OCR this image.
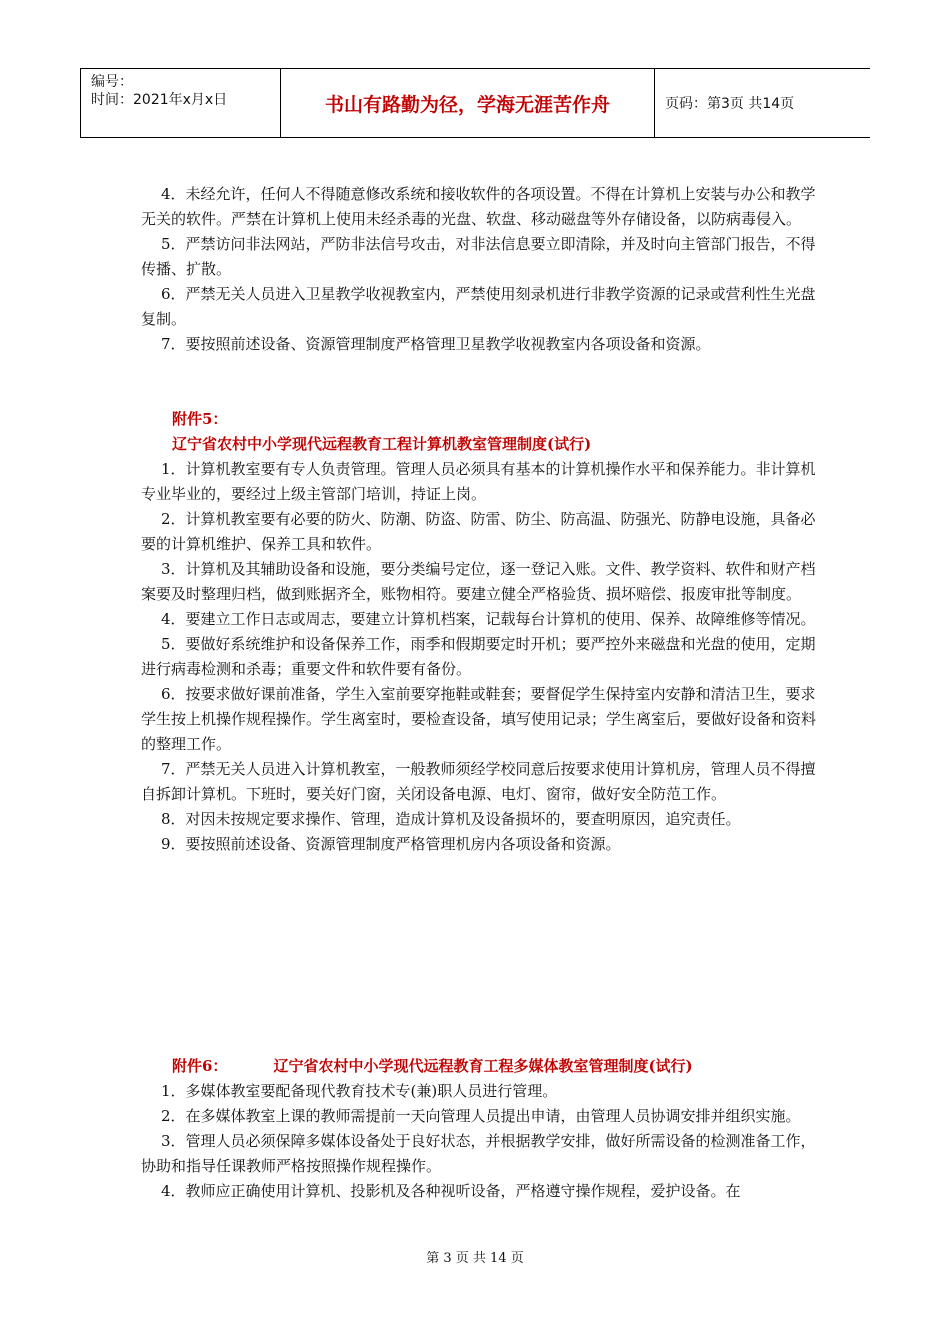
编号：
时间：2021年x月x日	书山有路勤为径，学海无涯苦作舟	页码：第3页 共14页

4．未经允许，任何人不得随意修改系统和接收软件的各项设置。不得在计算机上安装与办公和教学无关的软件。严禁在计算机上使用未经杀毒的光盘、软盘、移动磁盘等外存储设备，以防病毒侵入。

5．严禁访问非法网站，严防非法信号攻击，对非法信息要立即清除，并及时向主管部门报告，不得传播、扩散。

6．严禁无关人员进入卫星教学收视教室内，严禁使用刻录机进行非教学资源的记录或营利性生光盘复制。

7．要按照前述设备、资源管理制度严格管理卫星教学收视教室内各项设备和资源。

附件5：

辽宁省农村中小学现代远程教育工程计算机教室管理制度(试行)

1．计算机教室要有专人负责管理。管理人员必须具有基本的计算机操作水平和保养能力。非计算机专业毕业的，要经过上级主管部门培训，持证上岗。

2．计算机教室要有必要的防火、防潮、防盗、防雷、防尘、防高温、防强光、防静电设施，具备必要的计算机维护、保养工具和软件。

3．计算机及其辅助设备和设施，要分类编号定位，逐一登记入账。文件、教学资料、软件和财产档案要及时整理归档，做到账据齐全，账物相符。要建立健全严格验货、损坏赔偿、报废审批等制度。

4．要建立工作日志或周志，要建立计算机档案，记载每台计算机的使用、保养、故障维修等情况。

5．要做好系统维护和设备保养工作，雨季和假期要定时开机；要严控外来磁盘和光盘的使用，定期进行病毒检测和杀毒；重要文件和软件要有备份。

6．按要求做好课前准备，学生入室前要穿拖鞋或鞋套；要督促学生保持室内安静和清洁卫生，要求学生按上机操作规程操作。学生离室时，要检查设备，填写使用记录；学生离室后，要做好设备和资料的整理工作。

7．严禁无关人员进入计算机教室，一般教师须经学校同意后按要求使用计算机房，管理人员不得擅自拆卸计算机。下班时，要关好门窗，关闭设备电源、电灯、窗帘，做好安全防范工作。

8．对因未按规定要求操作、管理，造成计算机及设备损坏的，要查明原因，追究责任。

9．要按照前述设备、资源管理制度严格管理机房内各项设备和资源。

附件6：	辽宁省农村中小学现代远程教育工程多媒体教室管理制度(试行)

1．多媒体教室要配备现代教育技术专(兼)职人员进行管理。

2．在多媒体教室上课的教师需提前一天向管理人员提出申请，由管理人员协调安排并组织实施。

3．管理人员必须保障多媒体设备处于良好状态，并根据教学安排，做好所需设备的检测准备工作，协助和指导任课教师严格按照操作规程操作。

4．教师应正确使用计算机、投影机及各种视听设备，严格遵守操作规程，爱护设备。在

第 3 页 共 14 页
